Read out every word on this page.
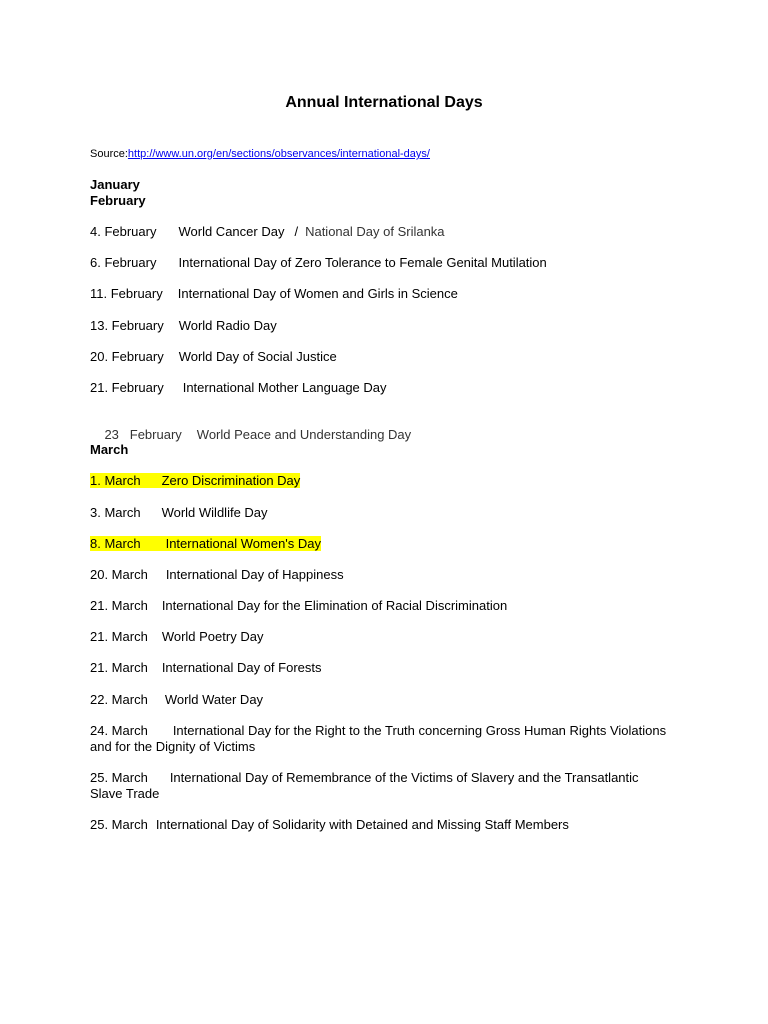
Annual International Days
Source:http://www.un.org/en/sections/observances/international-days/
January
February
4. February World Cancer Day / National Day of Srilanka
6. February International Day of Zero Tolerance to Female Genital Mutilation
11. February International Day of Women and Girls in Science
13. February World Radio Day
20. February World Day of Social Justice
21. February International Mother Language Day

23   February World Peace and Understanding Day

March
1. March Zero Discrimination Day
3. March World Wildlife Day
8. March International Women's Day
20. March International Day of Happiness
21. March International Day for the Elimination of Racial Discrimination
21. March World Poetry Day
21. March International Day of Forests
22. March World Water Day
24. March International Day for the Right to the Truth concerning Gross Human Rights Violations and for the Dignity of Victims
25. March International Day of Remembrance of the Victims of Slavery and the Transatlantic Slave Trade
25. March International Day of Solidarity with Detained and Missing Staff Members
